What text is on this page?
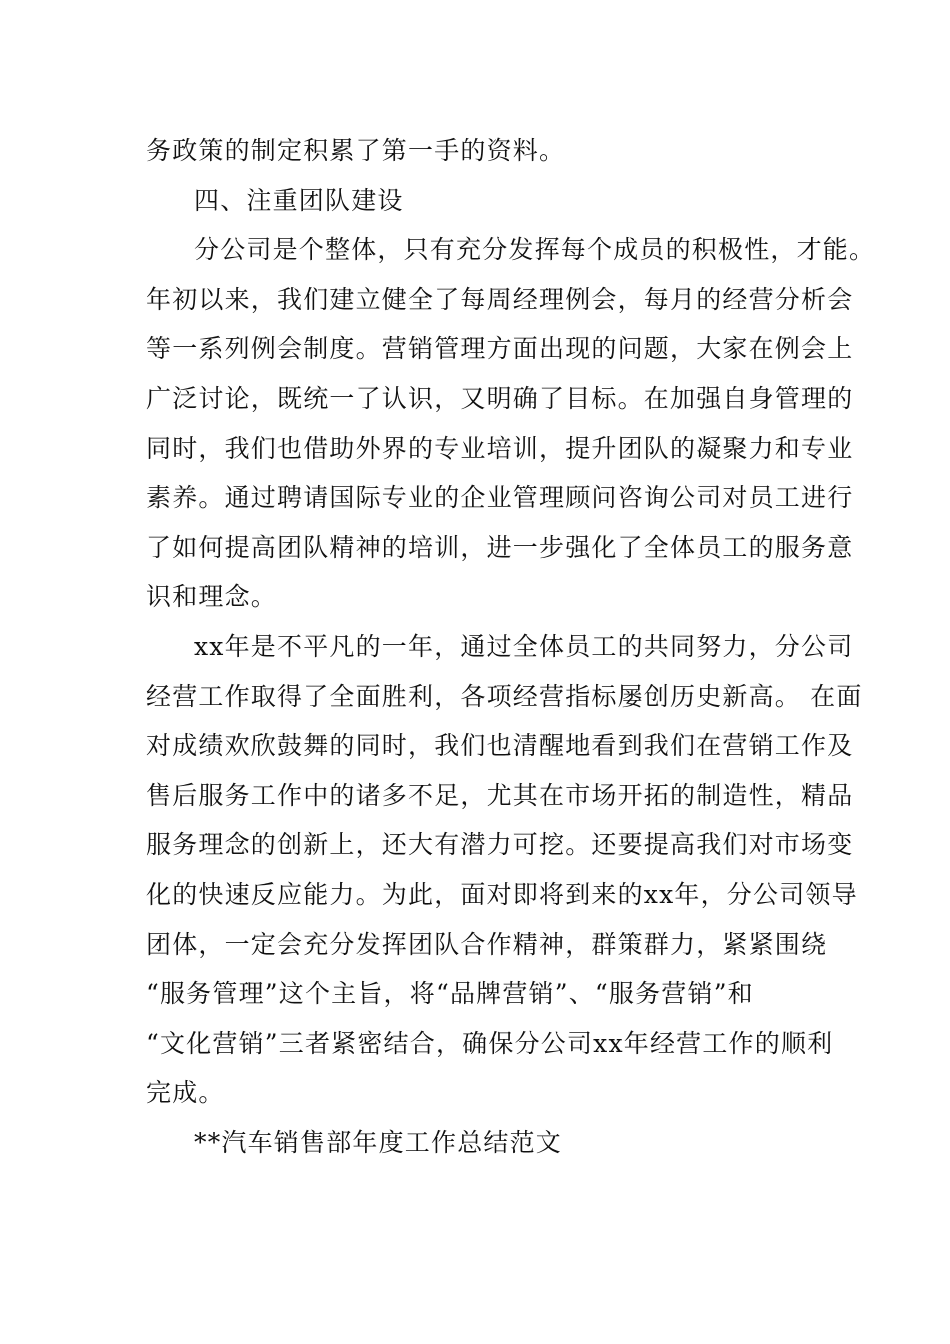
务政策的制定积累了第一手的资料。
四、注重团队建设
分公司是个整体，只有充分发挥每个成员的积极性，才能。
年初以来，我们建立健全了每周经理例会，每月的经营分析会
等一系列例会制度。营销管理方面出现的问题，大家在例会上
广泛讨论，既统一了认识，又明确了目标。在加强自身管理的
同时，我们也借助外界的专业培训，提升团队的凝聚力和专业
素养。通过聘请国际专业的企业管理顾问咨询公司对员工进行
了如何提高团队精神的培训，进一步强化了全体员工的服务意
识和理念。
xx年是不平凡的一年，通过全体员工的共同努力，分公司
经营工作取得了全面胜利，各项经营指标屡创历史新高。 在面
对成绩欢欣鼓舞的同时，我们也清醒地看到我们在营销工作及
售后服务工作中的诸多不足，尤其在市场开拓的制造性，精品
服务理念的创新上，还大有潜力可挖。还要提高我们对市场变
化的快速反应能力。为此，面对即将到来的xx年，分公司领导
团体，一定会充分发挥团队合作精神，群策群力，紧紧围绕
“服务管理”这个主旨，将“品牌营销”、“服务营销”和
“文化营销”三者紧密结合，确保分公司xx年经营工作的顺利
完成。
**汽车销售部年度工作总结范文
